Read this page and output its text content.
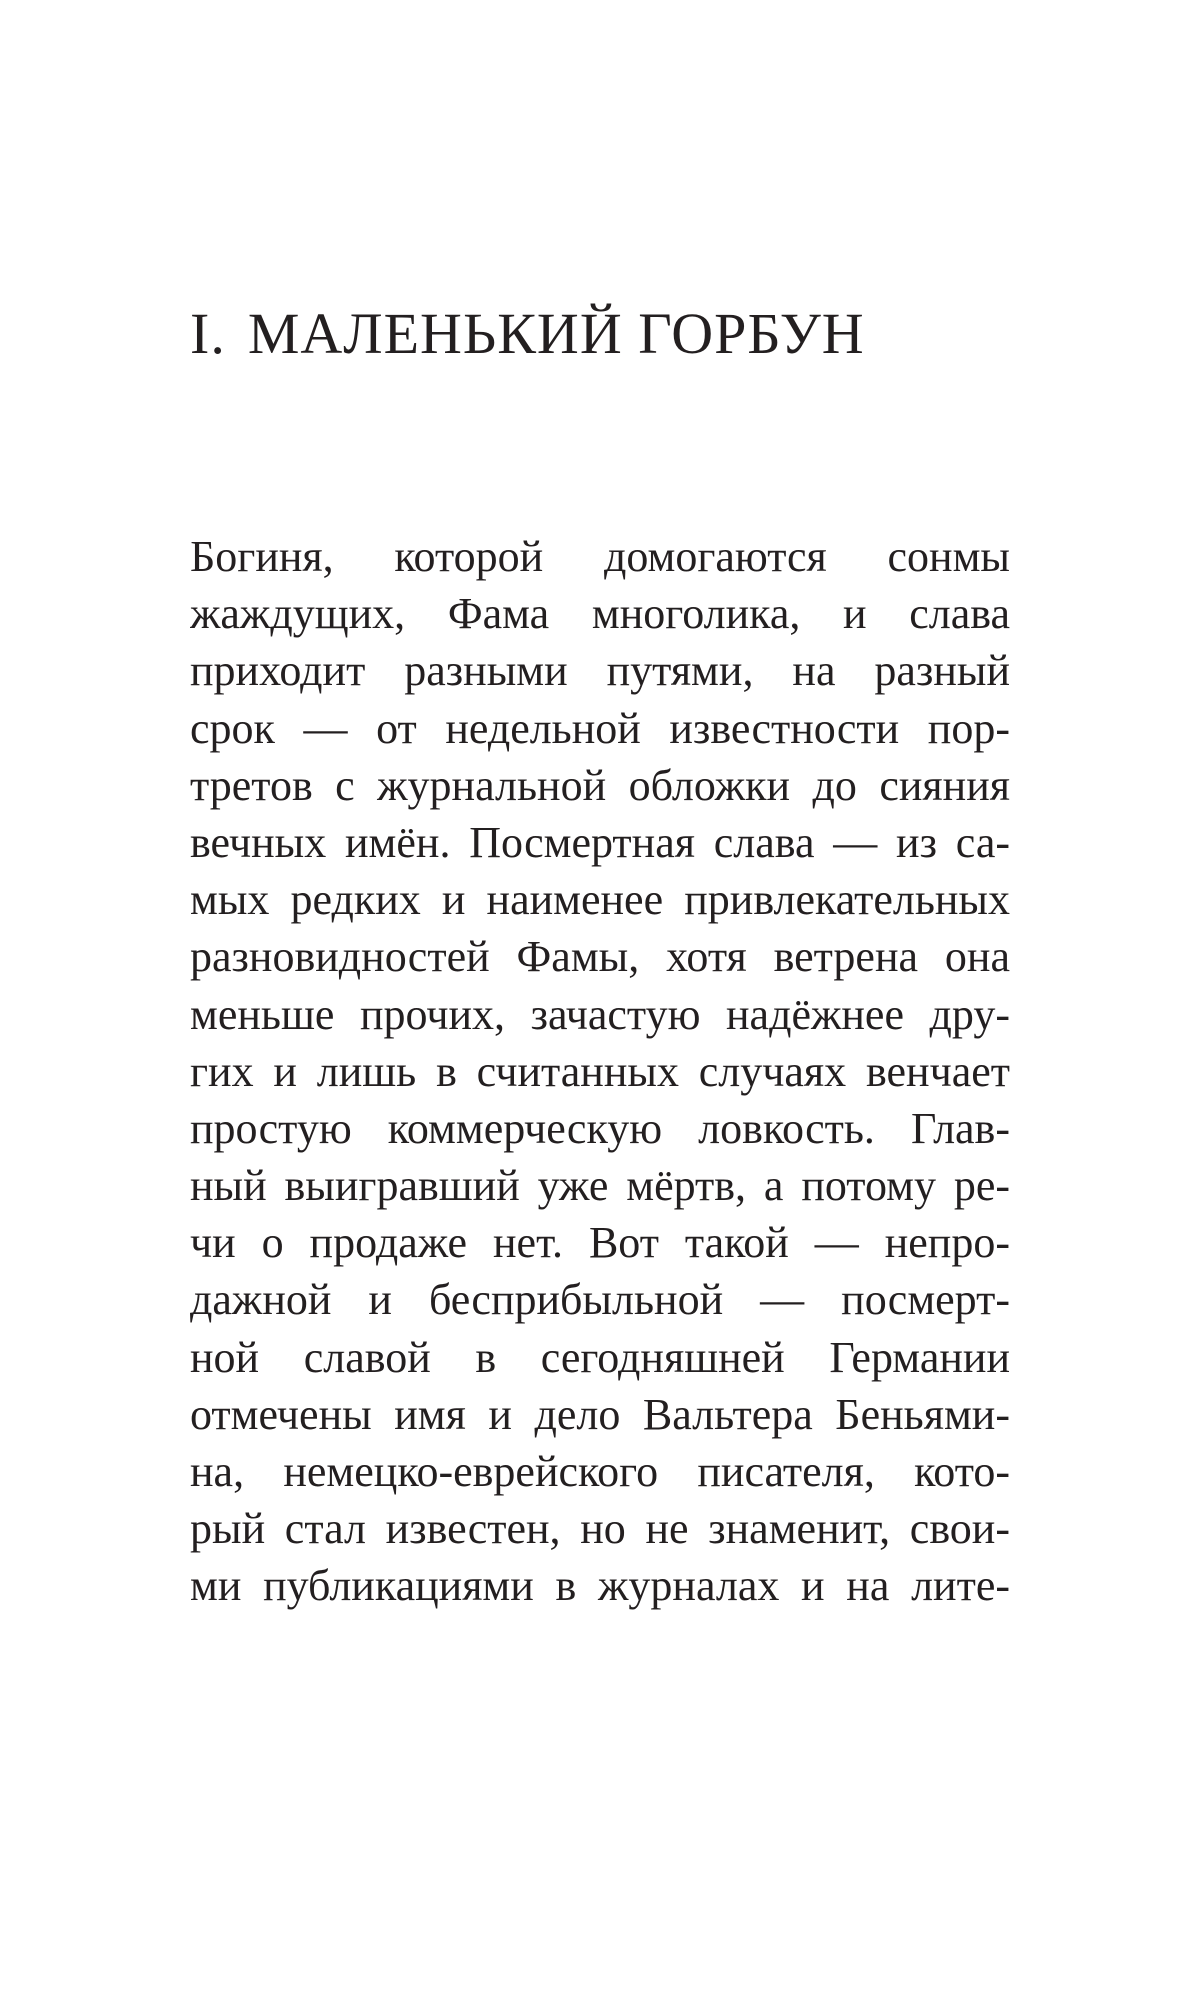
I. МАЛЕНЬКИЙ ГОРБУН
Богиня, которой домогаются сонмы
жаждущих, Фама многолика, и слава
приходит разными путями, на разный
срок — от недельной известности пор-
третов с журнальной обложки до сияния
вечных имён. Посмертная слава — из са-
мых редких и наименее привлекательных
разновидностей Фамы, хотя ветрена она
меньше прочих, зачастую надёжнее дру-
гих и лишь в считанных случаях венчает
простую коммерческую ловкость. Глав-
ный выигравший уже мёртв, а потому ре-
чи о продаже нет. Вот такой — непро-
дажной и бесприбыльной — посмерт-
ной славой в сегодняшней Германии
отмечены имя и дело Вальтера Беньями-
на, немецко-еврейского писателя, кото-
рый стал известен, но не знаменит, свои-
ми публикациями в журналах и на лите-
